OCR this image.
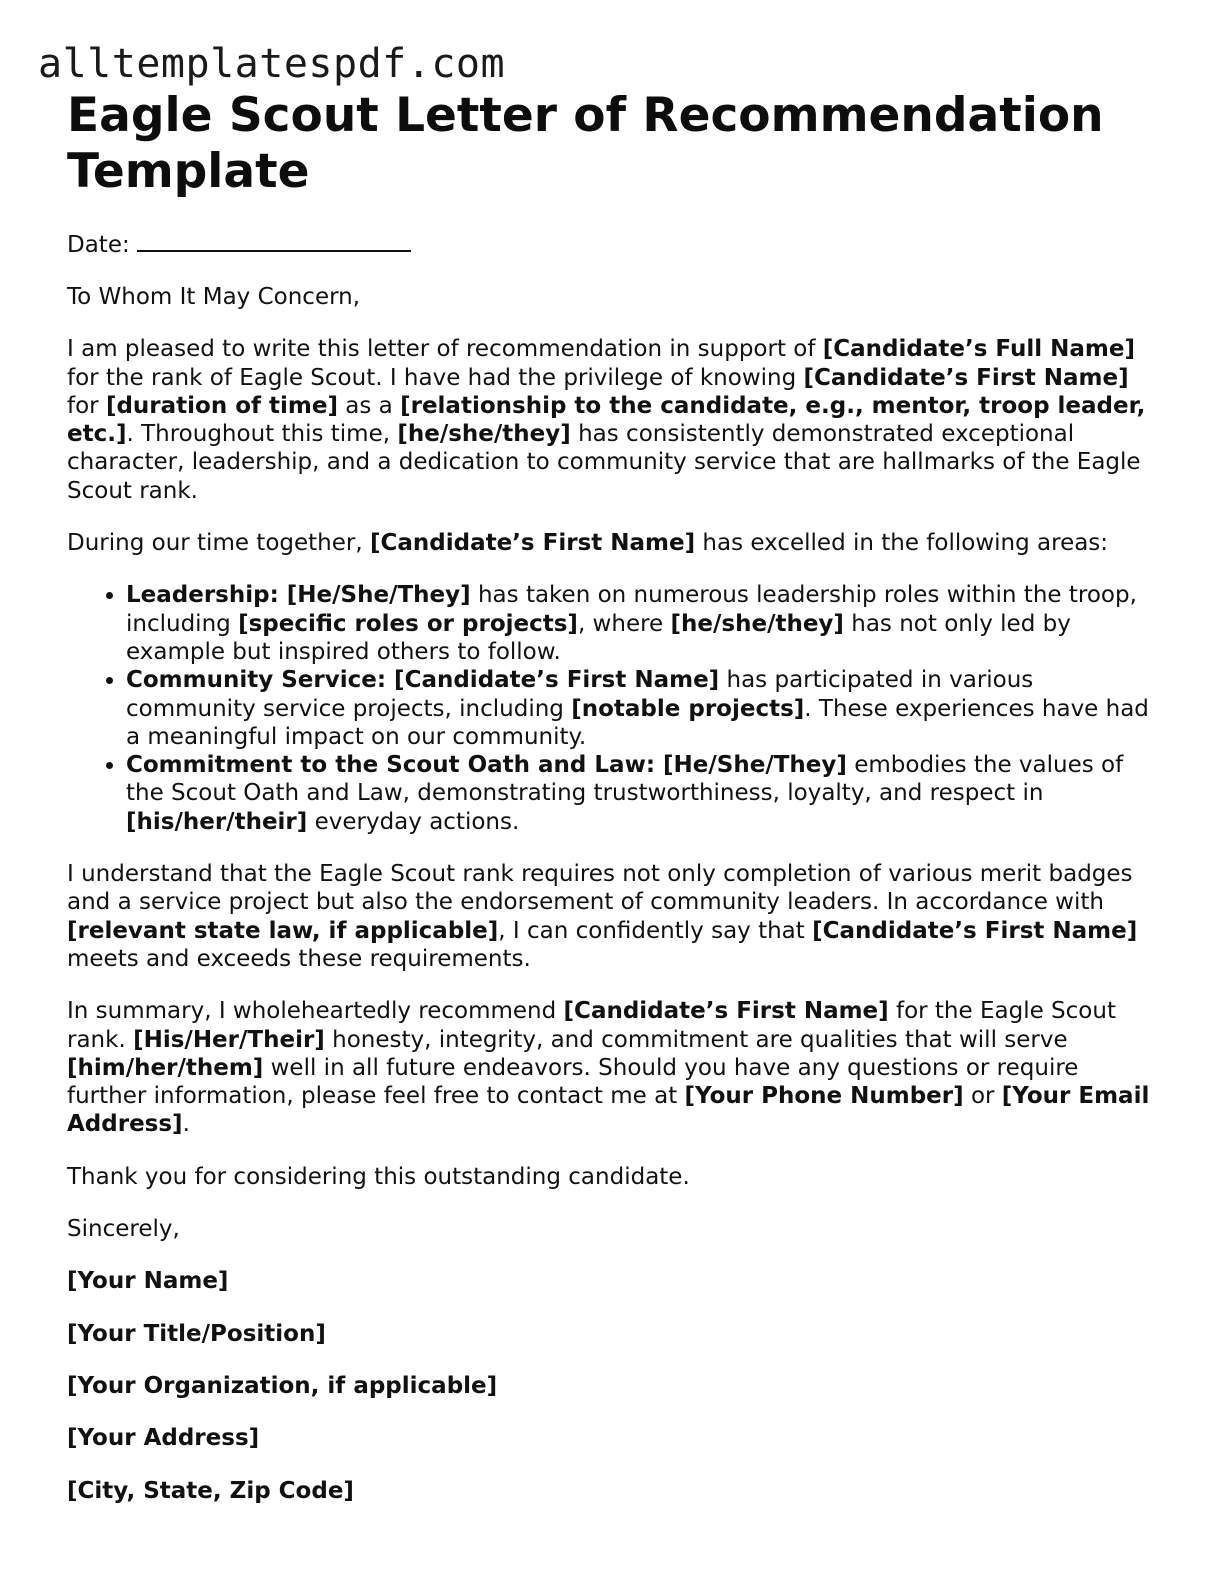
alltemplatespdf.com
Eagle Scout Letter of Recommendation Template
Date:

To Whom It May Concern,

I am pleased to write this letter of recommendation in support of [Candidate’s Full Name] for the rank of Eagle Scout. I have had the privilege of knowing [Candidate’s First Name] for [duration of time] as a [relationship to the candidate, e.g., mentor, troop leader, etc.]. Throughout this time, [he/she/they] has consistently demonstrated exceptional character, leadership, and a dedication to community service that are hallmarks of the Eagle Scout rank.

During our time together, [Candidate’s First Name] has excelled in the following areas:

• Leadership: [He/She/They] has taken on numerous leadership roles within the troop, including [specific roles or projects], where [he/she/they] has not only led by example but inspired others to follow.
• Community Service: [Candidate’s First Name] has participated in various community service projects, including [notable projects]. These experiences have had a meaningful impact on our community.
• Commitment to the Scout Oath and Law: [He/She/They] embodies the values of the Scout Oath and Law, demonstrating trustworthiness, loyalty, and respect in [his/her/their] everyday actions.

I understand that the Eagle Scout rank requires not only completion of various merit badges and a service project but also the endorsement of community leaders. In accordance with [relevant state law, if applicable], I can confidently say that [Candidate’s First Name] meets and exceeds these requirements.

In summary, I wholeheartedly recommend [Candidate’s First Name] for the Eagle Scout rank. [His/Her/Their] honesty, integrity, and commitment are qualities that will serve [him/her/them] well in all future endeavors. Should you have any questions or require further information, please feel free to contact me at [Your Phone Number] or [Your Email Address].

Thank you for considering this outstanding candidate.

Sincerely,

[Your Name]

[Your Title/Position]

[Your Organization, if applicable]

[Your Address]

[City, State, Zip Code]
